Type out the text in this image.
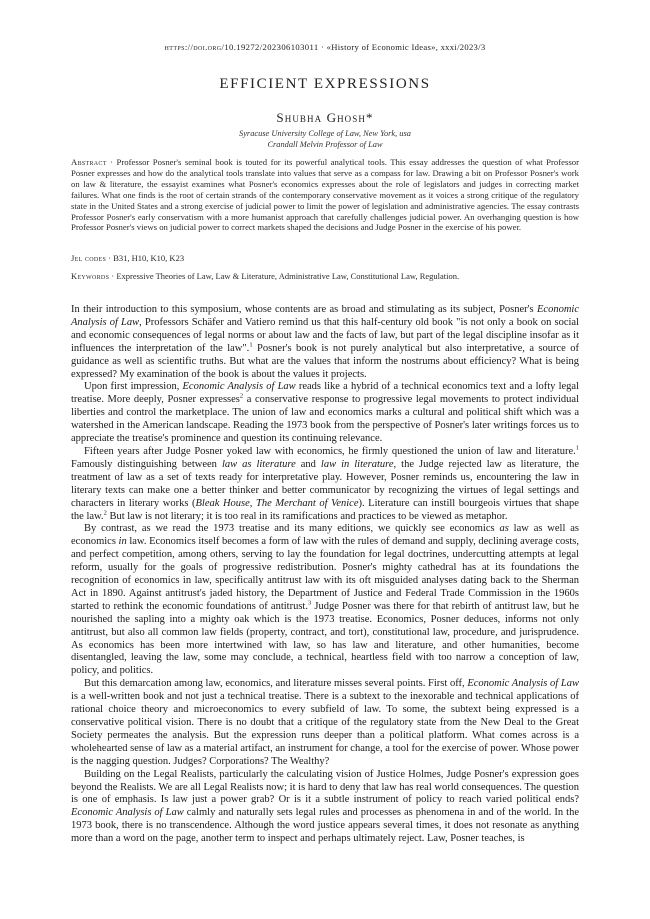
https://doi.org/10.19272/202306103011 · «History of Economic Ideas», xxxi/2023/3
EFFICIENT EXPRESSIONS
Shubha Ghosh*
Syracuse University College of Law, New York, usa
Crandall Melvin Professor of Law
Abstract · Professor Posner's seminal book is touted for its powerful analytical tools. This essay addresses the question of what Professor Posner expresses and how do the analytical tools translate into values that serve as a compass for law. Drawing a bit on Professor Posner's work on law & literature, the essayist examines what Posner's economics expresses about the role of legislators and judges in correcting market failures. What one finds is the root of certain strands of the contemporary conservative movement as it voices a strong critique of the regulatory state in the United States and a strong exercise of judicial power to limit the power of legislation and administrative agencies. The essay contrasts Professor Posner's early conservatism with a more humanist approach that carefully challenges judicial power. An overhanging question is how Professor Posner's views on judicial power to correct markets shaped the decisions and Judge Posner in the exercise of his power.
Jel codes · B31, H10, K10, K23
Keywords · Expressive Theories of Law, Law & Literature, Administrative Law, Constitutional Law, Regulation.

In their introduction to this symposium, whose contents are as broad and stimulating as its subject, Posner's Economic Analysis of Law, Professors Schäfer and Vatiero remind us that this half-century old book "is not only a book on social and economic consequences of legal norms or about law and the facts of law, but part of the legal discipline insofar as it influences the interpretation of the law".$^1$ Posner's book is not purely analytical but also interpretative, a source of guidance as well as scientific truths. But what are the values that inform the nostrums about efficiency? What is being expressed? My examination of the book is about the values it projects.

Upon first impression, Economic Analysis of Law reads like a hybrid of a technical economics text and a lofty legal treatise. More deeply, Posner expresses$^2$ a conservative response to progressive legal movements to protect individual liberties and control the marketplace. The union of law and economics marks a cultural and political shift which was a watershed in the American landscape. Reading the 1973 book from the perspective of Posner's later writings forces us to appreciate the treatise's prominence and question its continuing relevance.

Fifteen years after Judge Posner yoked law with economics, he firmly questioned the union of law and literature.$^1$ Famously distinguishing between law as literature and law in literature, the Judge rejected law as literature, the treatment of law as a set of texts ready for interpretative play. However, Posner reminds us, encountering the law in literary texts can make one a better thinker and better communicator by recognizing the virtues of legal settings and characters in literary works (Bleak House, The Merchant of Venice). Literature can instill bourgeois virtues that shape the law.$^2$ But law is not literary; it is too real in its ramifications and practices to be viewed as metaphor.

By contrast, as we read the 1973 treatise and its many editions, we quickly see economics as law as well as economics in law. Economics itself becomes a form of law with the rules of demand and supply, declining average costs, and perfect competition, among others, serving to lay the foundation for legal doctrines, undercutting attempts at legal reform, usually for the goals of progressive redistribution. Posner's mighty cathedral has at its foundations the recognition of economics in law, specifically antitrust law with its oft misguided analyses dating back to the Sherman Act in 1890. Against antitrust's jaded history, the Department of Justice and Federal Trade Commission in the 1960s started to rethink the economic foundations of antitrust.$^3$ Judge Posner was there for that rebirth of antitrust law, but he nourished the sapling into a mighty oak which is the 1973 treatise. Economics, Posner deduces, informs not only antitrust, but also all common law fields (property, contract, and tort), constitutional law, procedure, and jurisprudence. As economics has been more intertwined with law, so has law and literature, and other humanities, become disentangled, leaving the law, some may conclude, a technical, heartless field with too narrow a conception of law, policy, and politics.

But this demarcation among law, economics, and literature misses several points. First off, Economic Analysis of Law is a well-written book and not just a technical treatise. There is a subtext to the inexorable and technical applications of rational choice theory and microeconomics to every subfield of law. To some, the subtext being expressed is a conservative political vision. There is no doubt that a critique of the regulatory state from the New Deal to the Great Society permeates the analysis. But the expression runs deeper than a political platform. What comes across is a wholehearted sense of law as a material artifact, an instrument for change, a tool for the exercise of power. Whose power is the nagging question. Judges? Corporations? The Wealthy?

Building on the Legal Realists, particularly the calculating vision of Justice Holmes, Judge Posner's expression goes beyond the Realists. We are all Legal Realists now; it is hard to deny that law has real world consequences. The question is one of emphasis. Is law just a power grab? Or is it a subtle instrument of policy to reach varied political ends? Economic Analysis of Law calmly and naturally sets legal rules and processes as phenomena in and of the world. In the 1973 book, there is no transcendence. Although the word justice appears several times, it does not resonate as anything more than a word on the page, another term to inspect and perhaps ultimately reject. Law, Posner teaches, is
